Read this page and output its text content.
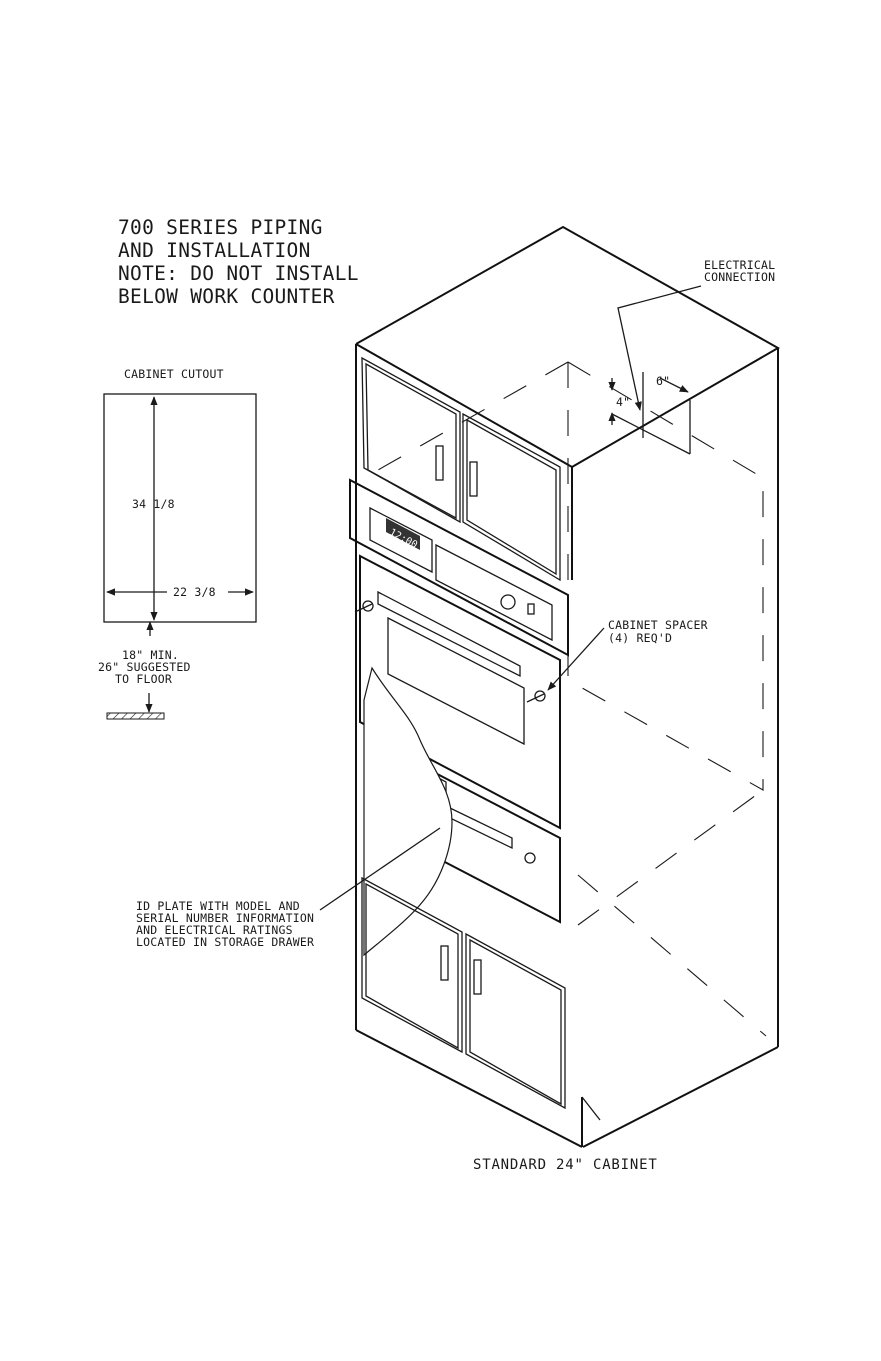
700 SERIES PIPING
AND INSTALLATION
NOTE: DO NOT INSTALL
BELOW WORK COUNTER
CABINET CUTOUT
34 1/8
22 3/8
18" MIN.
26" SUGGESTED
TO FLOOR
ELECTRICAL
CONNECTION
6"
4"
12:00
CABINET SPACER
(4) REQ'D
ID PLATE WITH MODEL AND
SERIAL NUMBER INFORMATION
AND ELECTRICAL RATINGS
LOCATED IN STORAGE DRAWER
STANDARD 24" CABINET
